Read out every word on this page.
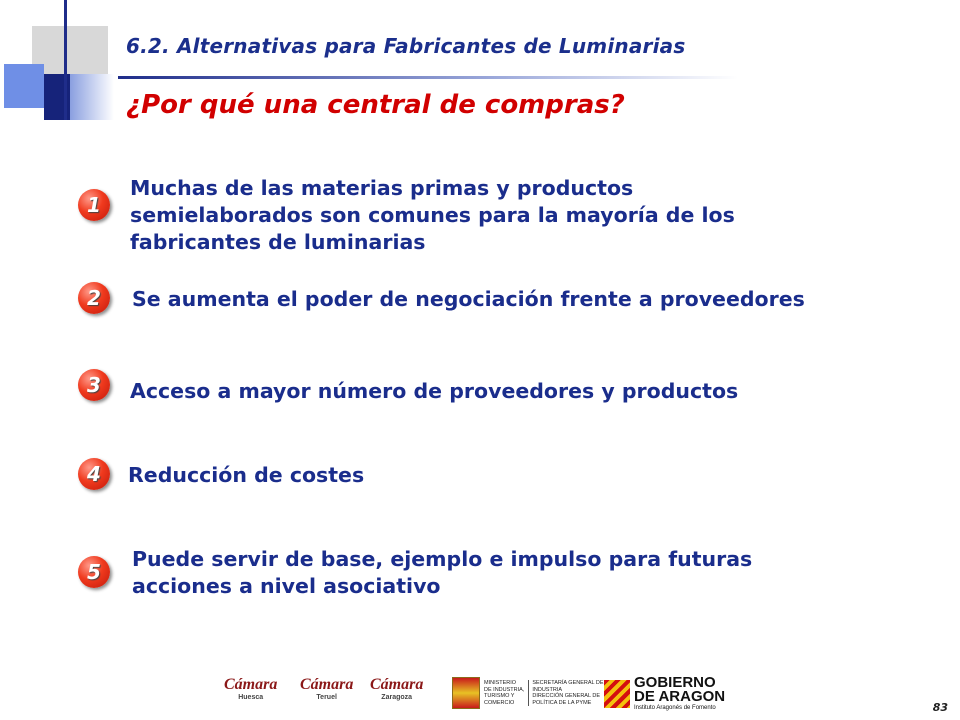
6.2. Alternativas para Fabricantes de Luminarias
¿Por qué una central de compras?
1
Muchas de las materias primas y productos
semielaborados son comunes para la mayoría de los
fabricantes de luminarias
2	Se aumenta el poder de negociación frente a proveedores
3	Acceso a mayor número de proveedores y productos
4	Reducción de costes
5
Puede servir de base, ejemplo e impulso para futuras
acciones a nivel asociativo
Cámara
Huesca
Cámara
Teruel
Cámara
Zaragoza
MINISTERIO
DE INDUSTRIA,
TURISMO Y
COMERCIO
SECRETARÍA GENERAL DE
INDUSTRIA
DIRECCIÓN GENERAL DE
POLÍTICA DE LA PYME
GOBIERNO
DE ARAGON
Instituto Aragonés de Fomento	83
